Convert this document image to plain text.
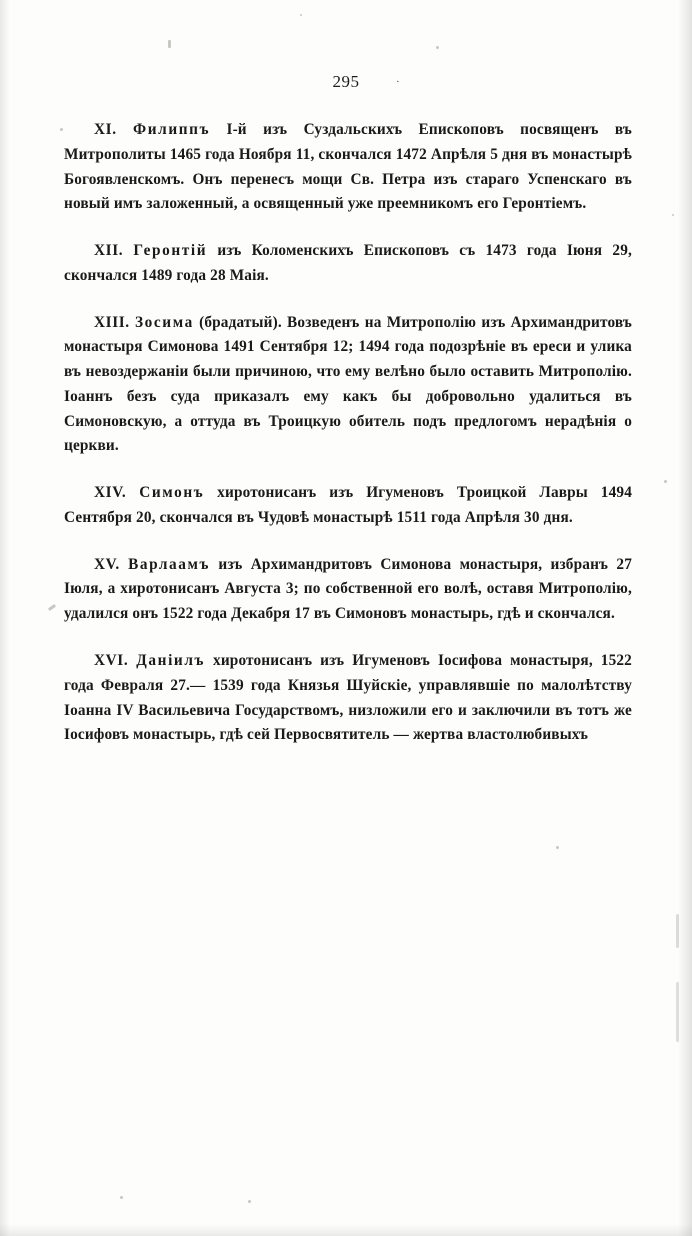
295	·

XI. Филиппъ I-й изъ Суздальскихъ Епископовъ посвященъ въ Митрополиты 1465 года Ноября 11, скончался 1472 Апрѣля 5 дня въ монастырѣ Богоявленскомъ. Онъ перенесъ мощи Св. Петра изъ стараго Успенскаго въ новый имъ заложенный, а освященный уже преемникомъ его Геронтіемъ.

XII. Геронтій изъ Коломенскихъ Епископовъ съ 1473 года Іюня 29, скончался 1489 года 28 Маія.

XIII. Зосима (брадатый). Возведенъ на Митрополію изъ Архимандритовъ монастыря Симонова 1491 Сентября 12; 1494 года подозрѣніе въ ереси и улика въ невоздержаніи были причиною, что ему велѣно было оставить Митрополію. Іоаннъ безъ суда приказалъ ему какъ бы добровольно удалиться въ Симоновскую, а оттуда въ Троицкую обитель подъ предлогомъ нерадѣнія о церкви.

XIV. Симонъ хиротонисанъ изъ Игуменовъ Троицкой Лавры 1494 Сентября 20, скончался въ Чудовѣ монастырѣ 1511 года Апрѣля 30 дня.

XV. Варлаамъ изъ Архимандритовъ Симонова монастыря, избранъ 27 Іюля, а хиротонисанъ Августа 3; по собственной его волѣ, оставя Митрополію, удалился онъ 1522 года Декабря 17 въ Симоновъ монастырь, гдѣ и скончался.

XVI. Даніилъ хиротонисанъ изъ Игуменовъ Іосифова монастыря, 1522 года Февраля 27.— 1539 года Князья Шуйскіе, управлявшіе по малолѣтству Іоанна IV Васильевича Государствомъ, низложили его и заключили въ тотъ же Іосифовъ монастырь, гдѣ сей Первосвятитель — жертва властолюбивыхъ
